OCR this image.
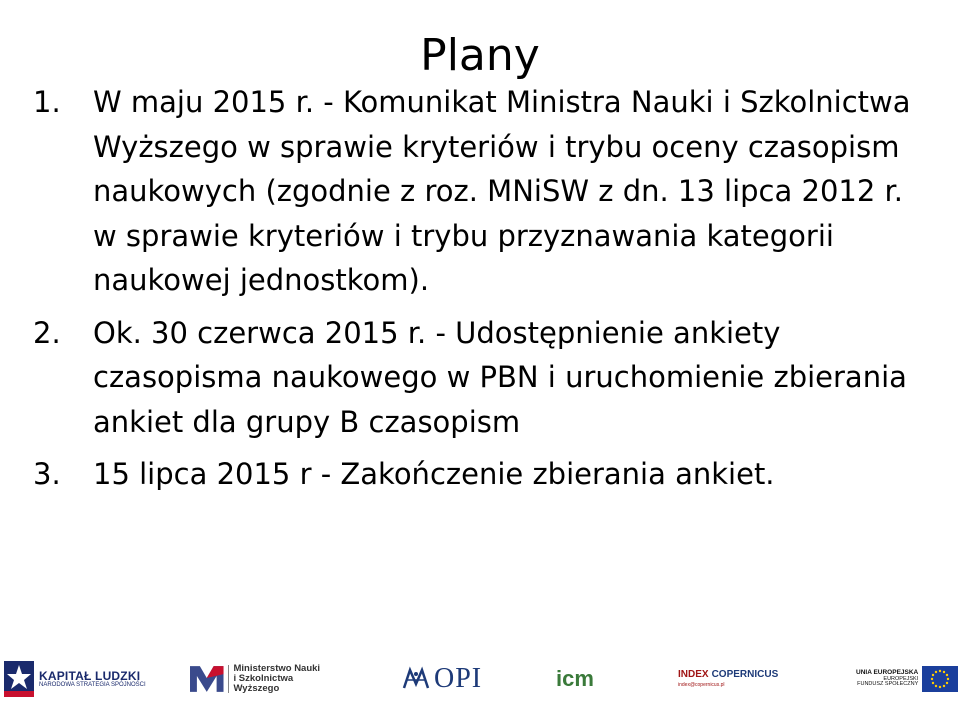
Plany
1. W maju 2015 r. - Komunikat Ministra Nauki i Szkolnictwa Wyższego w sprawie kryteriów i trybu oceny czasopism naukowych (zgodnie z roz. MNiSW z dn. 13 lipca 2012 r. w sprawie kryteriów i trybu przyznawania kategorii naukowej jednostkom).
2. Ok. 30 czerwca 2015 r. - Udostępnienie ankiety czasopisma naukowego w PBN i uruchomienie zbierania ankiet dla grupy B czasopism
3. 15 lipca 2015 r - Zakończenie zbierania ankiet.
KAPITAŁ LUDZKI
NARODOWA STRATEGIA SPÓJNOŚCI
Ministerstwo Nauki
i Szkolnictwa Wyższego	OPI	icm	INDEX COPERNICUS
index@copernicus.pl
UNIA EUROPEJSKA
EUROPEJSKI
FUNDUSZ SPOŁECZNY
